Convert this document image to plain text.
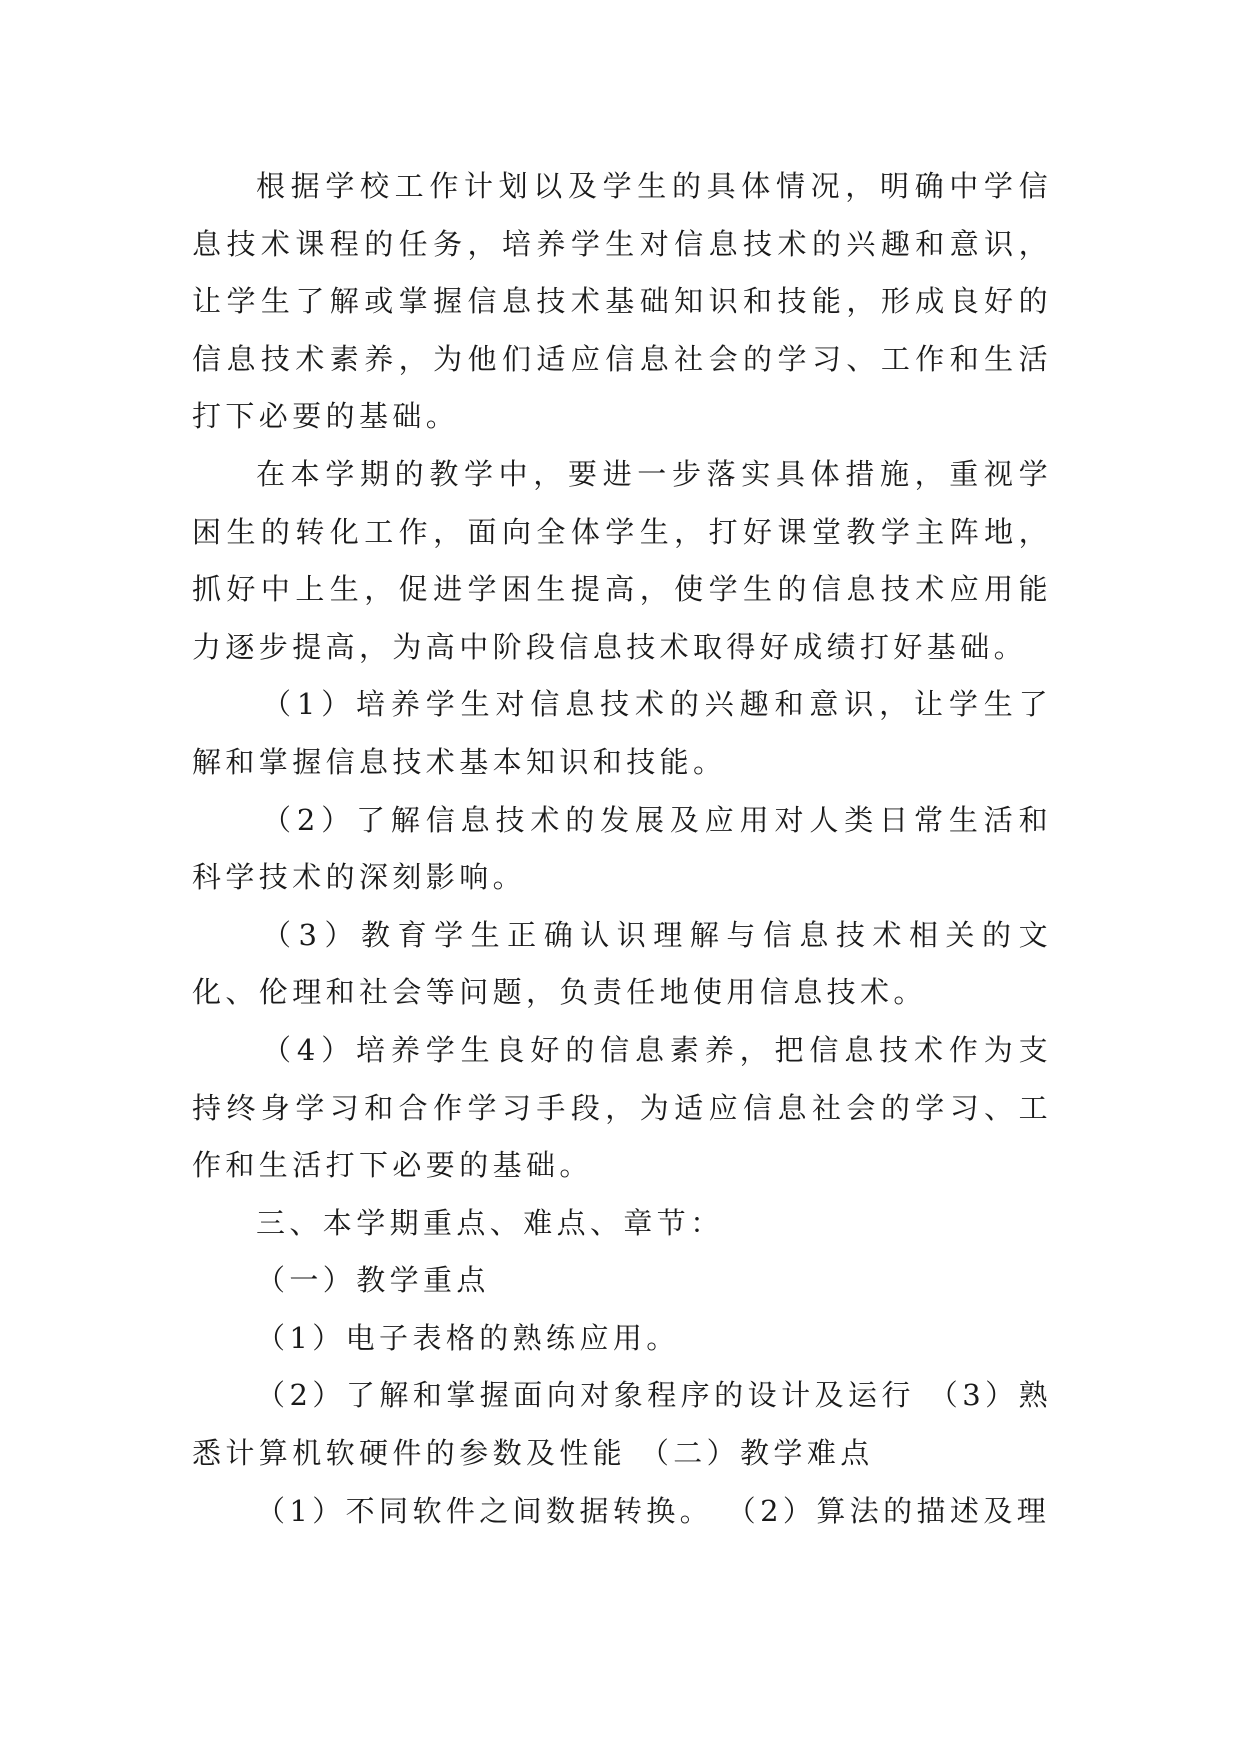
根据学校工作计划以及学生的具体情况，明确中学信息技术课程的任务，培养学生对信息技术的兴趣和意识，让学生了解或掌握信息技术基础知识和技能，形成良好的信息技术素养，为他们适应信息社会的学习、工作和生活打下必要的基础。

在本学期的教学中，要进一步落实具体措施，重视学困生的转化工作，面向全体学生，打好课堂教学主阵地，抓好中上生，促进学困生提高，使学生的信息技术应用能力逐步提高，为高中阶段信息技术取得好成绩打好基础。

（1）培养学生对信息技术的兴趣和意识，让学生了解和掌握信息技术基本知识和技能。

（2）了解信息技术的发展及应用对人类日常生活和科学技术的深刻影响。

（3）教育学生正确认识理解与信息技术相关的文化、伦理和社会等问题，负责任地使用信息技术。

（4）培养学生良好的信息素养，把信息技术作为支持终身学习和合作学习手段，为适应信息社会的学习、工作和生活打下必要的基础。

三、本学期重点、难点、章节：

（一）教学重点

（1）电子表格的熟练应用。

（2）了解和掌握面向对象程序的设计及运行 （3）熟悉计算机软硬件的参数及性能 （二）教学难点

（1）不同软件之间数据转换。 （2）算法的描述及理
